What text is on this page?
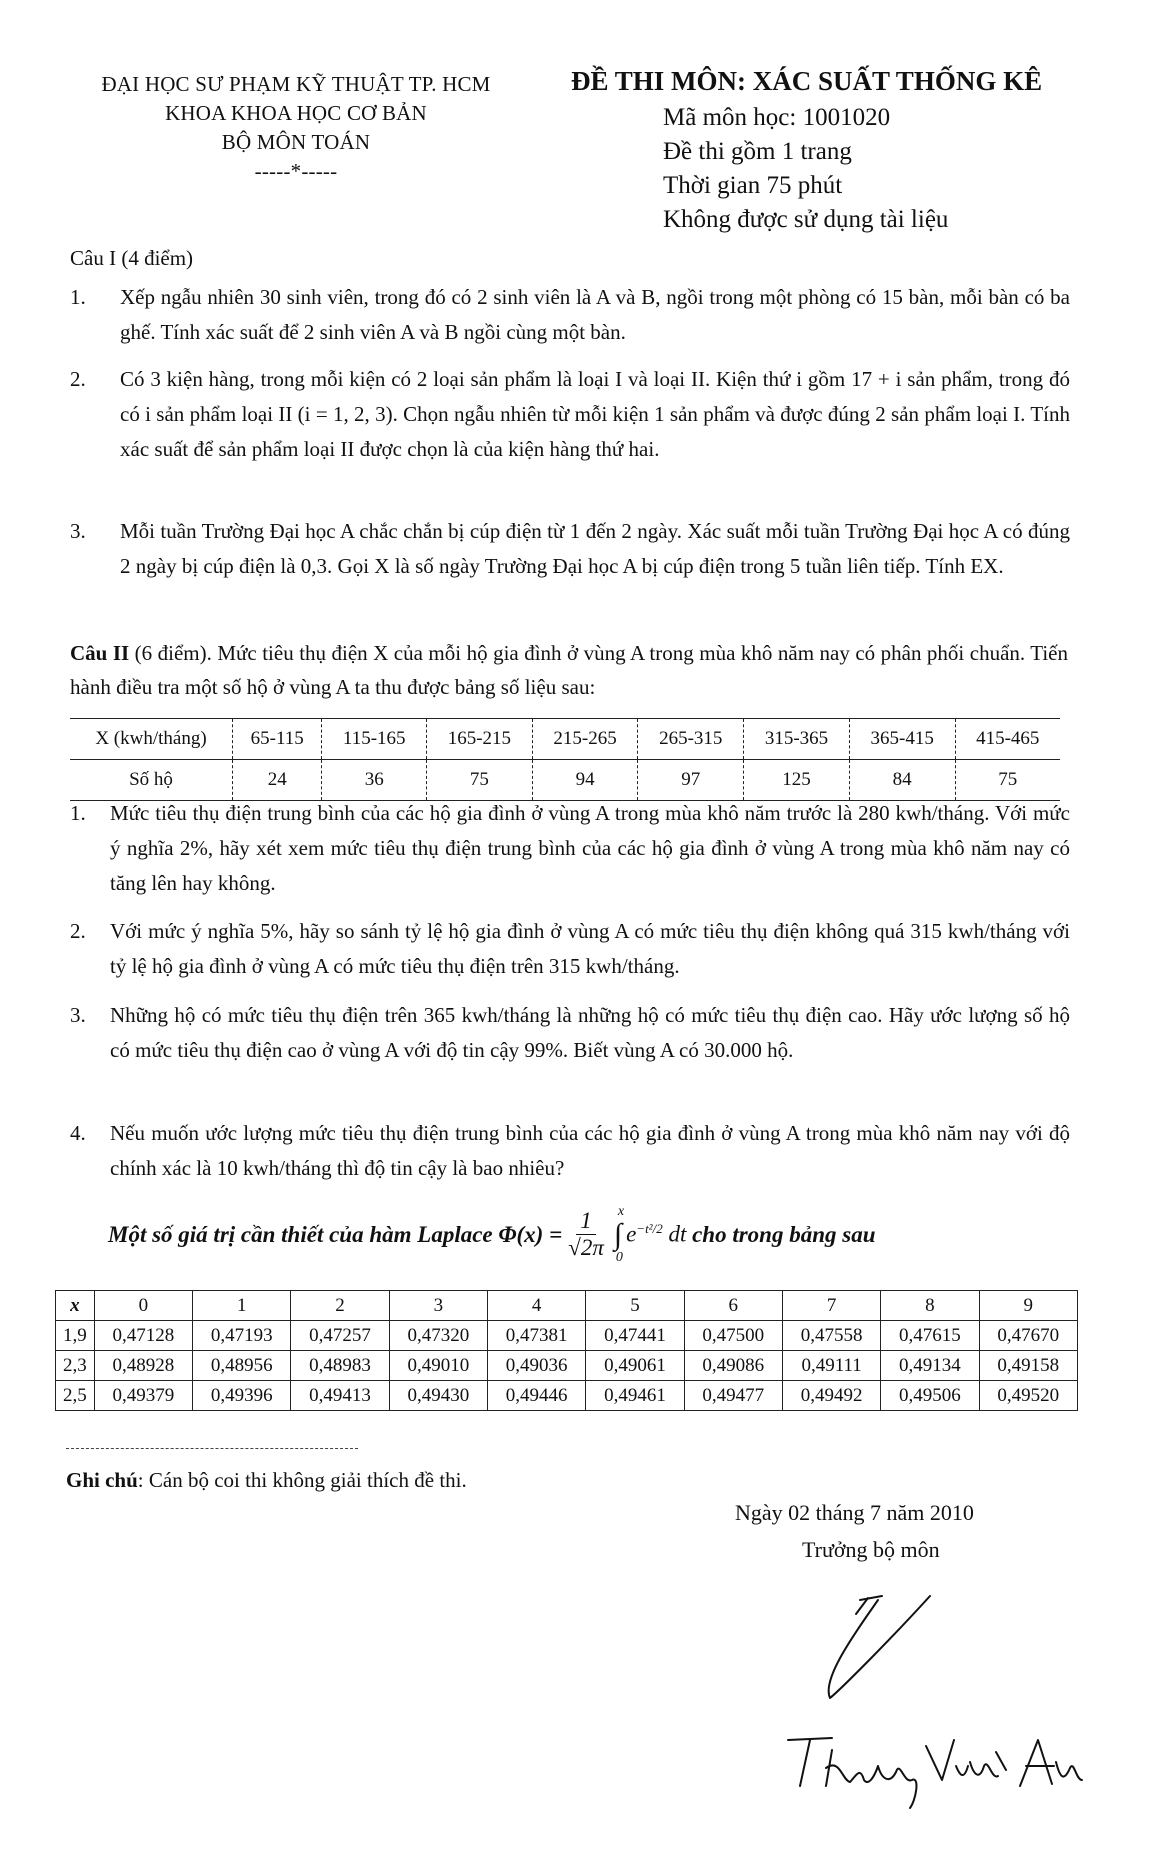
ĐẠI HỌC SƯ PHẠM KỸ THUẬT TP. HCM
KHOA KHOA HỌC CƠ BẢN
BỘ MÔN TOÁN
-----*-----
ĐỀ THI MÔN: XÁC SUẤT THỐNG KÊ
Mã môn học: 1001020
Đề thi gồm 1 trang
Thời gian 75 phút
Không được sử dụng tài liệu
Câu I (4 điểm)
1. Xếp ngẫu nhiên 30 sinh viên, trong đó có 2 sinh viên là A và B, ngồi trong một phòng có 15 bàn, mỗi bàn có ba ghế. Tính xác suất để 2 sinh viên A và B ngồi cùng một bàn.
2. Có 3 kiện hàng, trong mỗi kiện có 2 loại sản phẩm là loại I và loại II. Kiện thứ i gồm 17 + i sản phẩm, trong đó có i sản phẩm loại II (i = 1, 2, 3). Chọn ngẫu nhiên từ mỗi kiện 1 sản phẩm và được đúng 2 sản phẩm loại I. Tính xác suất để sản phẩm loại II được chọn là của kiện hàng thứ hai.
3. Mỗi tuần Trường Đại học A chắc chắn bị cúp điện từ 1 đến 2 ngày. Xác suất mỗi tuần Trường Đại học A có đúng 2 ngày bị cúp điện là 0,3. Gọi X là số ngày Trường Đại học A bị cúp điện trong 5 tuần liên tiếp. Tính EX.
Câu II (6 điểm). Mức tiêu thụ điện X của mỗi hộ gia đình ở vùng A trong mùa khô năm nay có phân phối chuẩn. Tiến hành điều tra một số hộ ở vùng A ta thu được bảng số liệu sau:
X (kwh/tháng)	65-115	115-165	165-215	215-265	265-315	315-365	365-415	415-465
Số hộ	24	36	75	94	97	125	84	75
1. Mức tiêu thụ điện trung bình của các hộ gia đình ở vùng A trong mùa khô năm trước là 280 kwh/tháng. Với mức ý nghĩa 2%, hãy xét xem mức tiêu thụ điện trung bình của các hộ gia đình ở vùng A trong mùa khô năm nay có tăng lên hay không.
2. Với mức ý nghĩa 5%, hãy so sánh tỷ lệ hộ gia đình ở vùng A có mức tiêu thụ điện không quá 315 kwh/tháng với tỷ lệ hộ gia đình ở vùng A có mức tiêu thụ điện trên 315 kwh/tháng.
3. Những hộ có mức tiêu thụ điện trên 365 kwh/tháng là những hộ có mức tiêu thụ điện cao. Hãy ước lượng số hộ có mức tiêu thụ điện cao ở vùng A với độ tin cậy 99%. Biết vùng A có 30.000 hộ.
4. Nếu muốn ước lượng mức tiêu thụ điện trung bình của các hộ gia đình ở vùng A trong mùa khô năm nay với độ chính xác là 10 kwh/tháng thì độ tin cậy là bao nhiêu?
Một số giá trị cần thiết của hàm Laplace $\Phi(x) = \frac{1}{√2\pi}$ ∫
x
0
$e^{-t^2/2}$ dt
cho trong bảng sau
x	0	1	2	3	4	5	6	7	8	9
1,9	0,47128	0,47193	0,47257	0,47320	0,47381	0,47441	0,47500	0,47558	0,47615	0,47670
2,3	0,48928	0,48956	0,48983	0,49010	0,49036	0,49061	0,49086	0,49111	0,49134	0,49158
2,5	0,49379	0,49396	0,49413	0,49430	0,49446	0,49461	0,49477	0,49492	0,49506	0,49520
Ghi chú: Cán bộ coi thi không giải thích đề thi.
Ngày 02 tháng 7 năm 2010
Trưởng bộ môn
